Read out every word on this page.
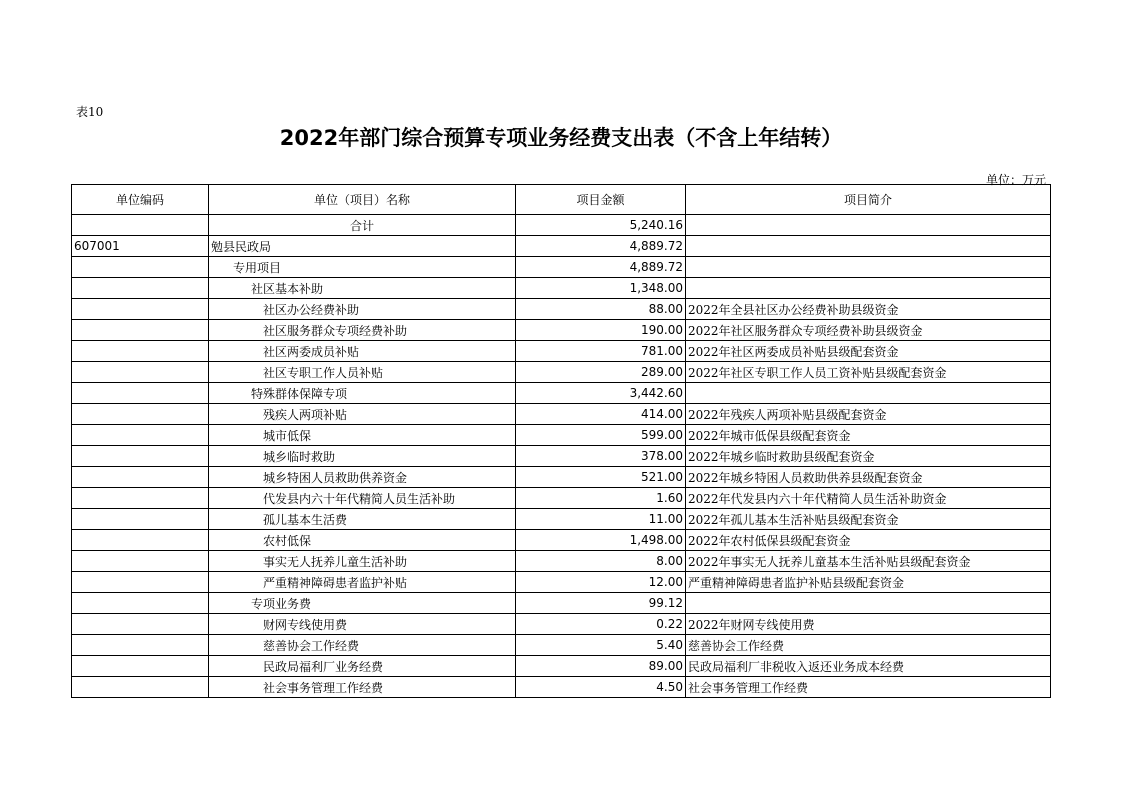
表10
2022年部门综合预算专项业务经费支出表（不含上年结转）
单位：万元
单位编码	单位（项目）名称	项目金额	项目简介
	合计	5,240.16	
607001	勉县民政局	4,889.72	
	专用项目	4,889.72	
	社区基本补助	1,348.00	
	社区办公经费补助	88.00	2022年全县社区办公经费补助县级资金
	社区服务群众专项经费补助	190.00	2022年社区服务群众专项经费补助县级资金
	社区两委成员补贴	781.00	2022年社区两委成员补贴县级配套资金
	社区专职工作人员补贴	289.00	2022年社区专职工作人员工资补贴县级配套资金
	特殊群体保障专项	3,442.60	
	残疾人两项补贴	414.00	2022年残疾人两项补贴县级配套资金
	城市低保	599.00	2022年城市低保县级配套资金
	城乡临时救助	378.00	2022年城乡临时救助县级配套资金
	城乡特困人员救助供养资金	521.00	2022年城乡特困人员救助供养县级配套资金
	代发县内六十年代精简人员生活补助	1.60	2022年代发县内六十年代精简人员生活补助资金
	孤儿基本生活费	11.00	2022年孤儿基本生活补贴县级配套资金
	农村低保	1,498.00	2022年农村低保县级配套资金
	事实无人抚养儿童生活补助	8.00	2022年事实无人抚养儿童基本生活补贴县级配套资金
	严重精神障碍患者监护补贴	12.00	严重精神障碍患者监护补贴县级配套资金
	专项业务费	99.12	
	财网专线使用费	0.22	2022年财网专线使用费
	慈善协会工作经费	5.40	慈善协会工作经费
	民政局福利厂业务经费	89.00	民政局福利厂非税收入返还业务成本经费
	社会事务管理工作经费	4.50	社会事务管理工作经费
